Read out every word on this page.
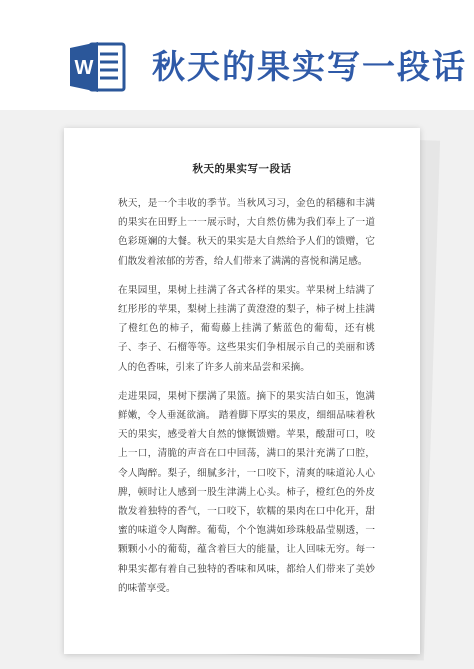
W 秋天的果实写一段话
秋天的果实写一段话

秋天，是一个丰收的季节。当秋风习习，金色的稻穗和丰满的果实在田野上一一展示时，大自然仿佛为我们奉上了一道色彩斑斓的大餐。秋天的果实是大自然给予人们的馈赠，它们散发着浓郁的芳香，给人们带来了满满的喜悦和满足感。

在果园里，果树上挂满了各式各样的果实。苹果树上结满了红彤彤的苹果，梨树上挂满了黄澄澄的梨子，柿子树上挂满了橙红色的柿子，葡萄藤上挂满了紫蓝色的葡萄，还有桃子、李子、石榴等等。这些果实们争相展示自己的美丽和诱人的色香味，引来了许多人前来品尝和采摘。

走进果园，果树下摆满了果篮。摘下的果实洁白如玉，饱满鲜嫩，令人垂涎欲滴。 踏着脚下厚实的果皮，细细品味着秋天的果实，感受着大自然的慷慨馈赠。苹果，酸甜可口，咬上一口，清脆的声音在口中回荡，满口的果汁充满了口腔，令人陶醉。梨子，细腻多汁，一口咬下，清爽的味道沁人心脾，顿时让人感到一股生津满上心头。柿子，橙红色的外皮散发着独特的香气，一口咬下，软糯的果肉在口中化开，甜蜜的味道令人陶醉。葡萄，个个饱满如珍珠般晶莹剔透，一颗颗小小的葡萄，蕴含着巨大的能量，让人回味无穷。每一种果实都有着自己独特的香味和风味，都给人们带来了美妙的味蕾享受。
